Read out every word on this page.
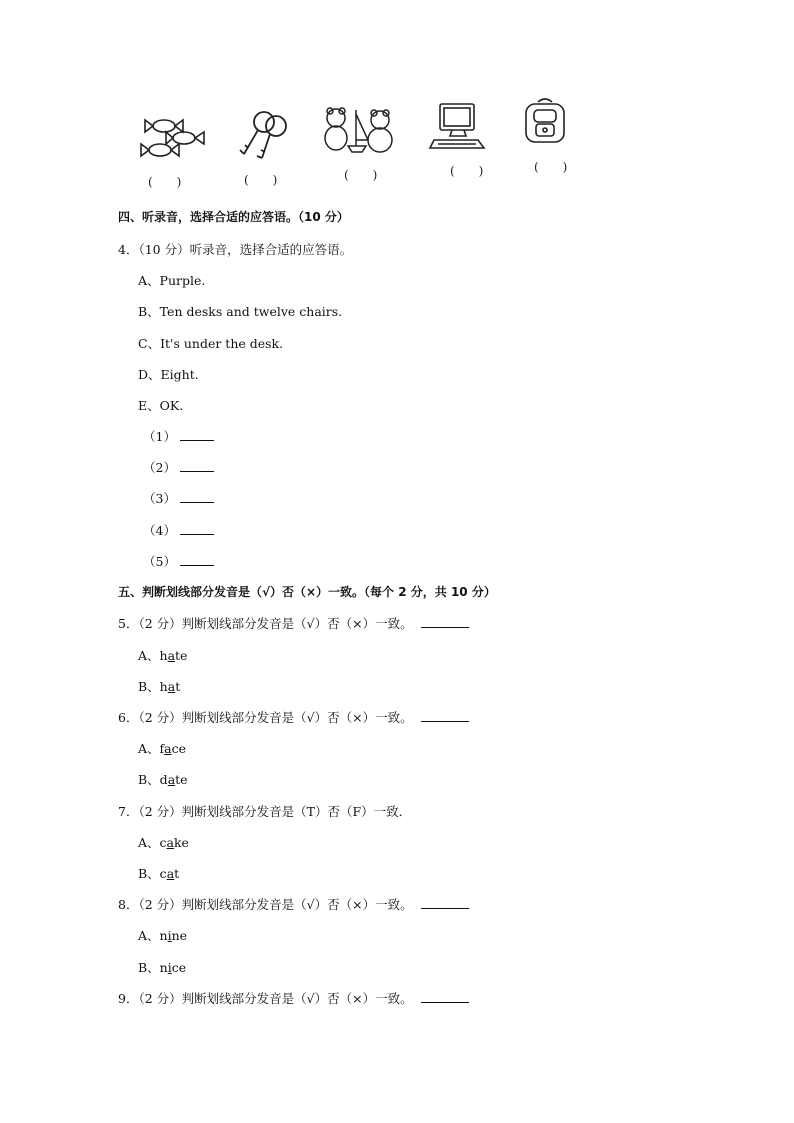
(　)	(　)	(　)	(　)	(　)
四、听录音，选择合适的应答语。（10 分）
4．（10 分）听录音，选择合适的应答语。
A、Purple.
B、Ten desks and twelve chairs.
C、It's under the desk.
D、Eight.
E、OK.
（1）
（2）
（3）
（4）
（5）
五、判断划线部分发音是（√）否（×）一致。（每个 2 分，共 10 分）
5．（2 分）判断划线部分发音是（√）否（×）一致。
A、hate
B、hat
6．（2 分）判断划线部分发音是（√）否（×）一致。
A、face
B、date
7．（2 分）判断划线部分发音是（T）否（F）一致．
A、cake
B、cat
8．（2 分）判断划线部分发音是（√）否（×）一致。
A、nine
B、nice
9．（2 分）判断划线部分发音是（√）否（×）一致。
